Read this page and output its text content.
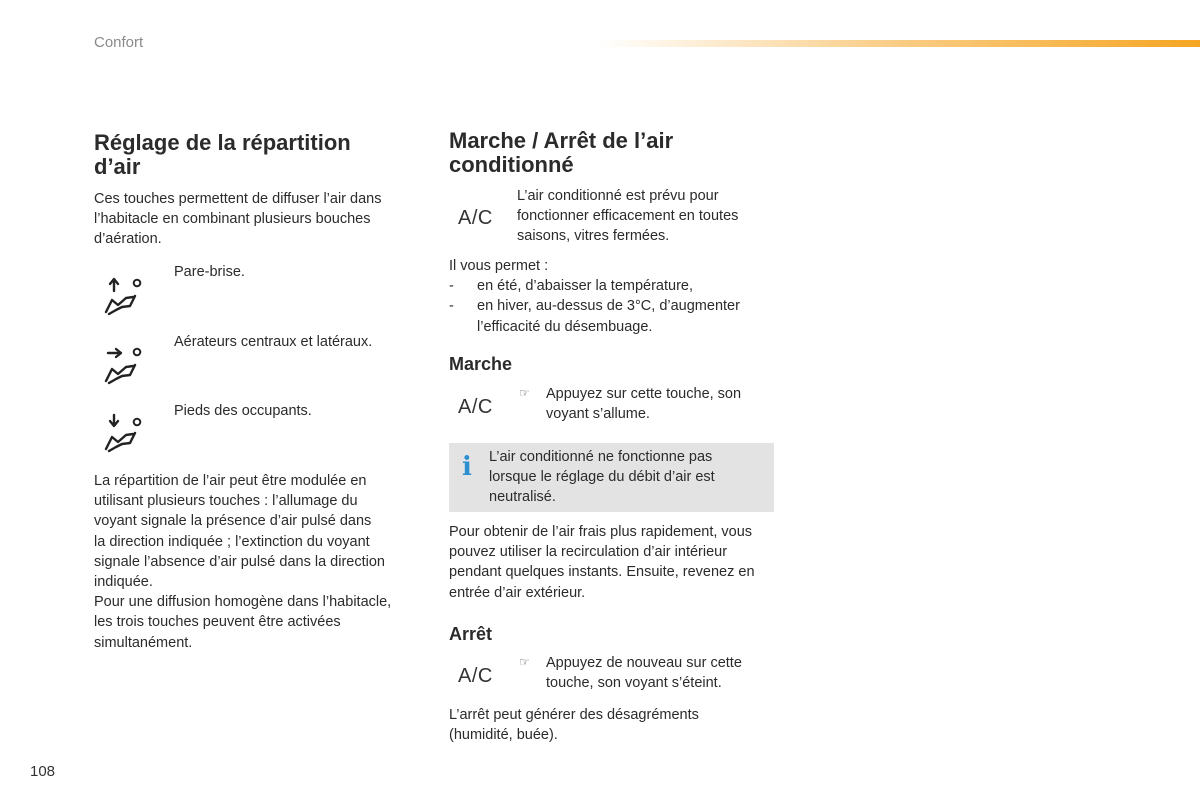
Confort
Réglage de la répartition
d’air
Ces touches permettent de diffuser l’air dans
l’habitacle en combinant plusieurs bouches
d’aération.
Pare-brise.
Aérateurs centraux et latéraux.
Pieds des occupants.
La répartition de l’air peut être modulée en
utilisant plusieurs touches : l’allumage du
voyant signale la présence d’air pulsé dans
la direction indiquée ; l’extinction du voyant
signale l’absence d’air pulsé dans la direction
indiquée.
Pour une diffusion homogène dans l’habitacle,
les trois touches peuvent être activées
simultanément.
Marche / Arrêt de l’air
conditionné
A/C
L’air conditionné est prévu pour
fonctionner efficacement en toutes
saisons, vitres fermées.
Il vous permet :
-	en été, d’abaisser la température,
-	en hiver, au-dessus de 3°C, d’augmenter
l’efficacité du désembuage.
Marche
A/C
☞ Appuyez sur cette touche, son
voyant s’allume.
i L’air conditionné ne fonctionne pas
lorsque le réglage du débit d’air est
neutralisé.
Pour obtenir de l’air frais plus rapidement, vous
pouvez utiliser la recirculation d’air intérieur
pendant quelques instants. Ensuite, revenez en
entrée d’air extérieur.
Arrêt
A/C
☞ Appuyez de nouveau sur cette
touche, son voyant s’éteint.
L’arrêt peut générer des désagréments
(humidité, buée).
108
